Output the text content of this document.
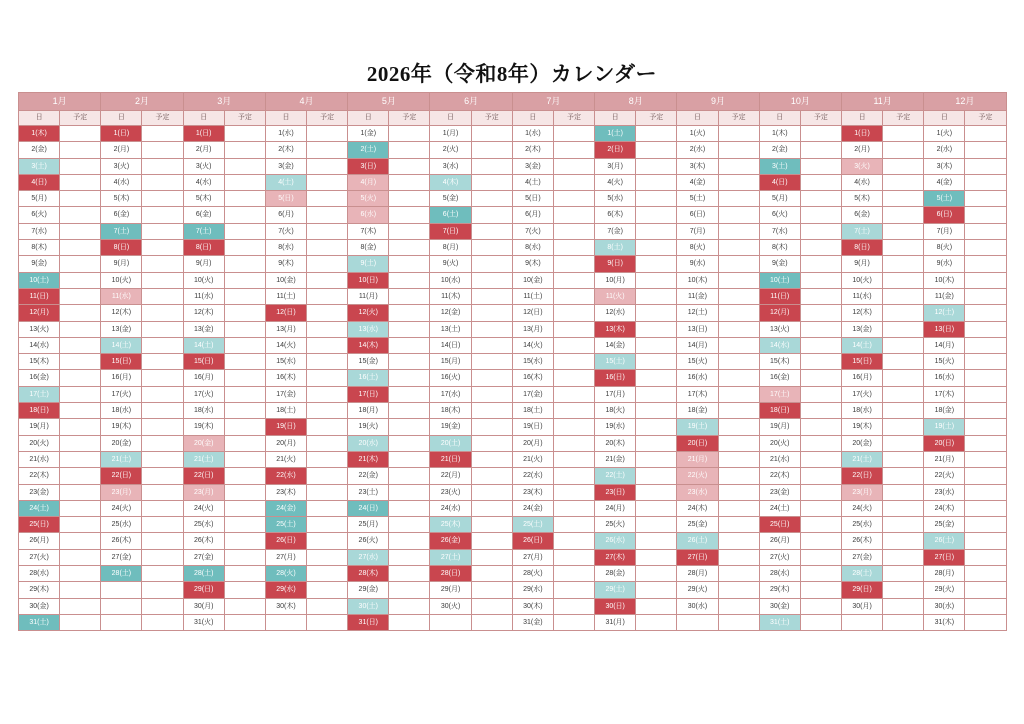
2026年（令和8年）カレンダー
1月		2月		3月		4月		5月		6月		7月		8月		9月		10月		11月		12月	
日	予定	日	予定	日	予定	日	予定	日	予定	日	予定	日	予定	日	予定	日	予定	日	予定	日	予定	日	予定
1(木)		1(日)		1(日)		1(水)		1(金)		1(月)		1(水)		1(土)		1(火)		1(木)		1(日)		1(火)	
2(金)		2(月)		2(月)		2(木)		2(土)		2(火)		2(木)		2(日)		2(水)		2(金)		2(月)		2(水)	
3(土)		3(火)		3(火)		3(金)		3(日)		3(水)		3(金)		3(月)		3(木)		3(土)		3(火)		3(木)	
4(日)		4(水)		4(水)		4(土)		4(月)		4(木)		4(土)		4(火)		4(金)		4(日)		4(水)		4(金)	
5(月)		5(木)		5(木)		5(日)		5(火)		5(金)		5(日)		5(水)		5(土)		5(月)		5(木)		5(土)	
6(火)		6(金)		6(金)		6(月)		6(水)		6(土)		6(月)		6(木)		6(日)		6(火)		6(金)		6(日)	
7(水)		7(土)		7(土)		7(火)		7(木)		7(日)		7(火)		7(金)		7(月)		7(水)		7(土)		7(月)	
8(木)		8(日)		8(日)		8(水)		8(金)		8(月)		8(水)		8(土)		8(火)		8(木)		8(日)		8(火)	
9(金)		9(月)		9(月)		9(木)		9(土)		9(火)		9(木)		9(日)		9(水)		9(金)		9(月)		9(水)	
10(土)		10(火)		10(火)		10(金)		10(日)		10(水)		10(金)		10(月)		10(木)		10(土)		10(火)		10(木)	
11(日)		11(水)		11(水)		11(土)		11(月)		11(木)		11(土)		11(火)		11(金)		11(日)		11(水)		11(金)	
12(月)		12(木)		12(木)		12(日)		12(火)		12(金)		12(日)		12(水)		12(土)		12(月)		12(木)		12(土)	
13(火)		13(金)		13(金)		13(月)		13(水)		13(土)		13(月)		13(木)		13(日)		13(火)		13(金)		13(日)	
14(水)		14(土)		14(土)		14(火)		14(木)		14(日)		14(火)		14(金)		14(月)		14(水)		14(土)		14(月)	
15(木)		15(日)		15(日)		15(水)		15(金)		15(月)		15(水)		15(土)		15(火)		15(木)		15(日)		15(火)	
16(金)		16(月)		16(月)		16(木)		16(土)		16(火)		16(木)		16(日)		16(水)		16(金)		16(月)		16(水)	
17(土)		17(火)		17(火)		17(金)		17(日)		17(水)		17(金)		17(月)		17(木)		17(土)		17(火)		17(木)	
18(日)		18(水)		18(水)		18(土)		18(月)		18(木)		18(土)		18(火)		18(金)		18(日)		18(水)		18(金)	
19(月)		19(木)		19(木)		19(日)		19(火)		19(金)		19(日)		19(水)		19(土)		19(月)		19(木)		19(土)	
20(火)		20(金)		20(金)		20(月)		20(水)		20(土)		20(月)		20(木)		20(日)		20(火)		20(金)		20(日)	
21(水)		21(土)		21(土)		21(火)		21(木)		21(日)		21(火)		21(金)		21(月)		21(水)		21(土)		21(月)	
22(木)		22(日)		22(日)		22(水)		22(金)		22(月)		22(水)		22(土)		22(火)		22(木)		22(日)		22(火)	
23(金)		23(月)		23(月)		23(木)		23(土)		23(火)		23(木)		23(日)		23(水)		23(金)		23(月)		23(水)	
24(土)		24(火)		24(火)		24(金)		24(日)		24(水)		24(金)		24(月)		24(木)		24(土)		24(火)		24(木)	
25(日)		25(水)		25(水)		25(土)		25(月)		25(木)		25(土)		25(火)		25(金)		25(日)		25(水)		25(金)	
26(月)		26(木)		26(木)		26(日)		26(火)		26(金)		26(日)		26(水)		26(土)		26(月)		26(木)		26(土)	
27(火)		27(金)		27(金)		27(月)		27(水)		27(土)		27(月)		27(木)		27(日)		27(火)		27(金)		27(日)	
28(水)		28(土)		28(土)		28(火)		28(木)		28(日)		28(火)		28(金)		28(月)		28(水)		28(土)		28(月)	
29(木)				29(日)		29(水)		29(金)		29(月)		29(水)		29(土)		29(火)		29(木)		29(日)		29(火)	
30(金)				30(月)		30(木)		30(土)		30(火)		30(木)		30(日)		30(水)		30(金)		30(月)		30(水)	
31(土)				31(火)				31(日)				31(金)		31(月)				31(土)				31(木)	
